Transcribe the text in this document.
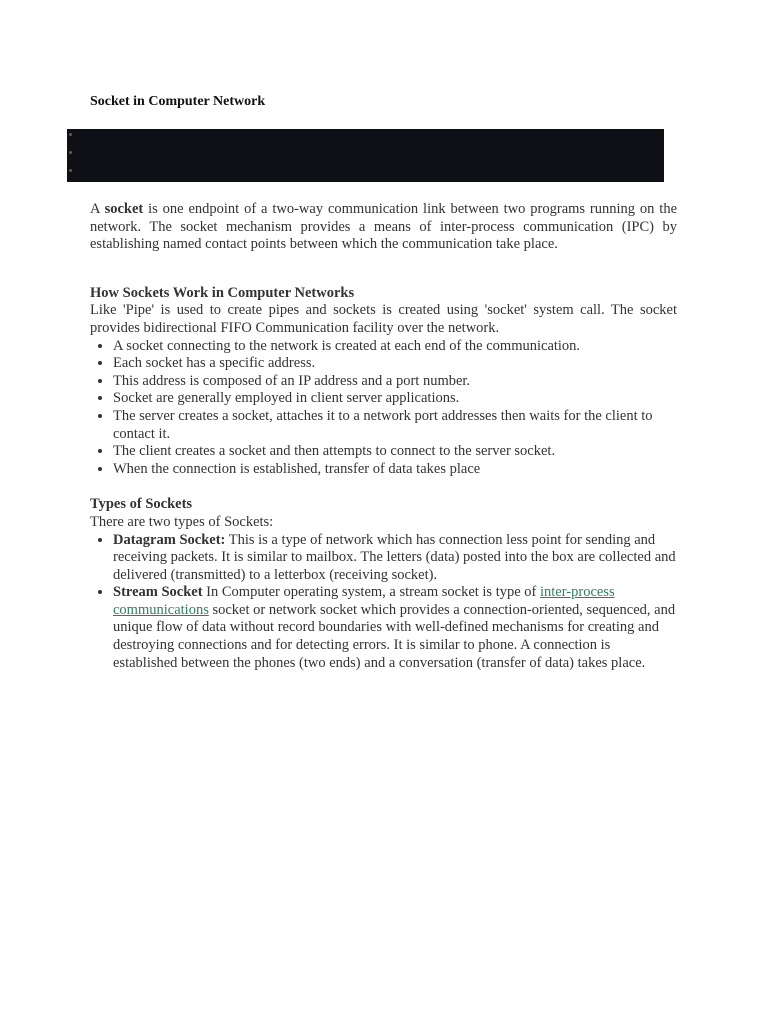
Socket in Computer Network

A socket is one endpoint of a two-way communication link between two programs running on the network. The socket mechanism provides a means of inter-process communication (IPC) by establishing named contact points between which the communication take place.

How Sockets Work in Computer Networks

Like 'Pipe' is used to create pipes and sockets is created using 'socket' system call. The socket provides bidirectional FIFO Communication facility over the network.

• A socket connecting to the network is created at each end of the communication.
• Each socket has a specific address.
• This address is composed of an IP address and a port number.
• Socket are generally employed in client server applications.
• The server creates a socket, attaches it to a network port addresses then waits for the client to contact it.
• The client creates a socket and then attempts to connect to the server socket.
• When the connection is established, transfer of data takes place
Types of Sockets

There are two types of Sockets:

• Datagram Socket: This is a type of network which has connection less point for sending and receiving packets. It is similar to mailbox. The letters (data) posted into the box are collected and delivered (transmitted) to a letterbox (receiving socket).
• Stream Socket In Computer operating system, a stream socket is type of inter-process communications socket or network socket which provides a connection-oriented, sequenced, and unique flow of data without record boundaries with well-defined mechanisms for creating and destroying connections and for detecting errors. It is similar to phone. A connection is established between the phones (two ends) and a conversation (transfer of data) takes place.
